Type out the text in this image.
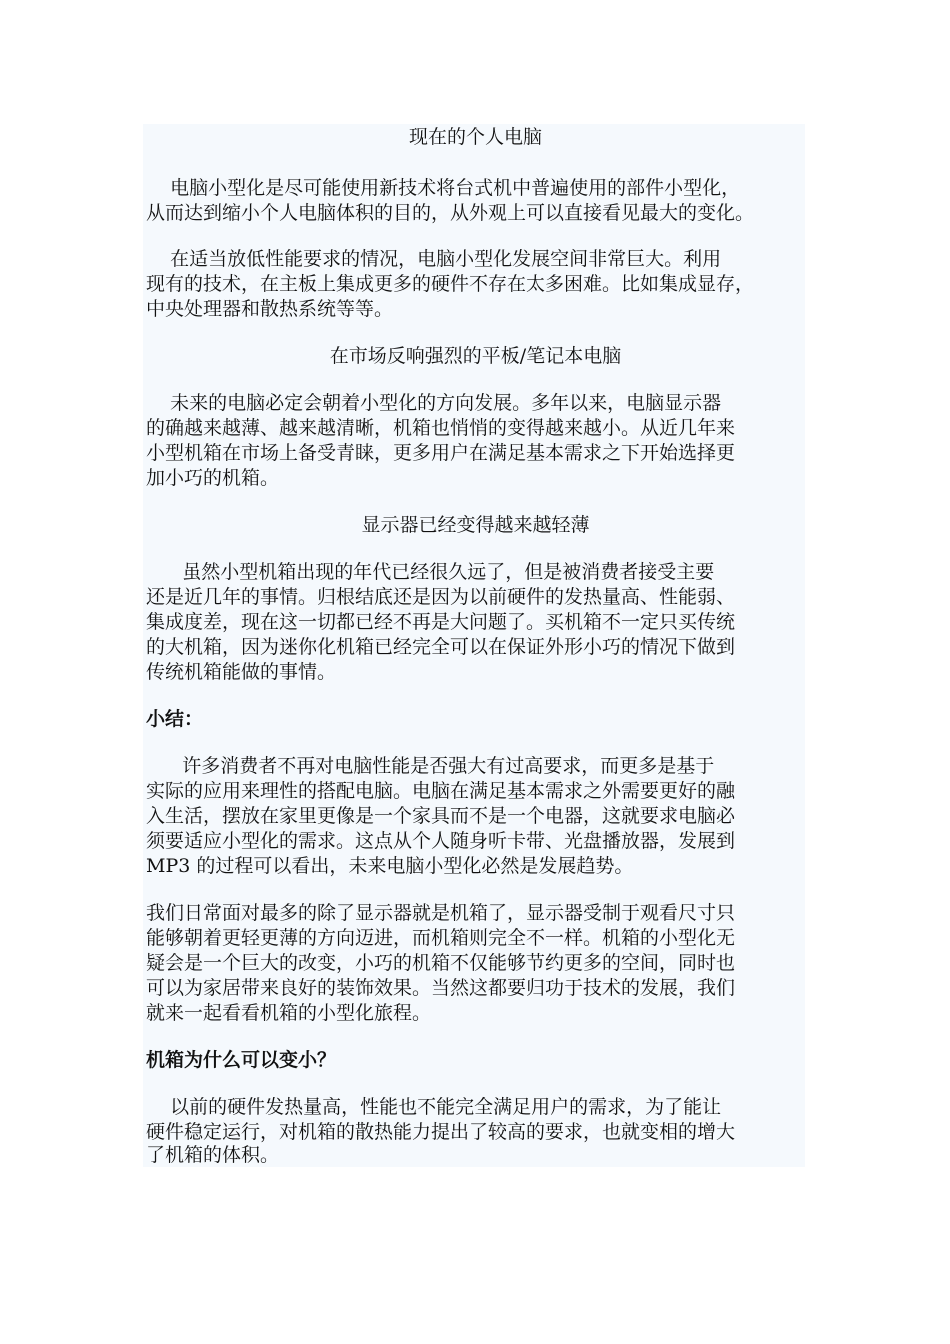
现在的个人电脑
电脑小型化是尽可能使用新技术将台式机中普遍使用的部件小型化，
从而达到缩小个人电脑体积的目的，从外观上可以直接看见最大的变化。
在适当放低性能要求的情况，电脑小型化发展空间非常巨大。利用
现有的技术，在主板上集成更多的硬件不存在太多困难。比如集成显存，
中央处理器和散热系统等等。
在市场反响强烈的平板/笔记本电脑
未来的电脑必定会朝着小型化的方向发展。多年以来，电脑显示器
的确越来越薄、越来越清晰，机箱也悄悄的变得越来越小。从近几年来
小型机箱在市场上备受青睐，更多用户在满足基本需求之下开始选择更
加小巧的机箱。
显示器已经变得越来越轻薄
虽然小型机箱出现的年代已经很久远了，但是被消费者接受主要
还是近几年的事情。归根结底还是因为以前硬件的发热量高、性能弱、
集成度差，现在这一切都已经不再是大问题了。买机箱不一定只买传统
的大机箱，因为迷你化机箱已经完全可以在保证外形小巧的情况下做到
传统机箱能做的事情。
小结：
许多消费者不再对电脑性能是否强大有过高要求，而更多是基于
实际的应用来理性的搭配电脑。电脑在满足基本需求之外需要更好的融
入生活，摆放在家里更像是一个家具而不是一个电器，这就要求电脑必
须要适应小型化的需求。这点从个人随身听卡带、光盘播放器，发展到
MP3 的过程可以看出，未来电脑小型化必然是发展趋势。
我们日常面对最多的除了显示器就是机箱了，显示器受制于观看尺寸只
能够朝着更轻更薄的方向迈进，而机箱则完全不一样。机箱的小型化无
疑会是一个巨大的改变，小巧的机箱不仅能够节约更多的空间，同时也
可以为家居带来良好的装饰效果。当然这都要归功于技术的发展，我们
就来一起看看机箱的小型化旅程。
机箱为什么可以变小？
以前的硬件发热量高，性能也不能完全满足用户的需求，为了能让
硬件稳定运行，对机箱的散热能力提出了较高的要求，也就变相的增大
了机箱的体积。
